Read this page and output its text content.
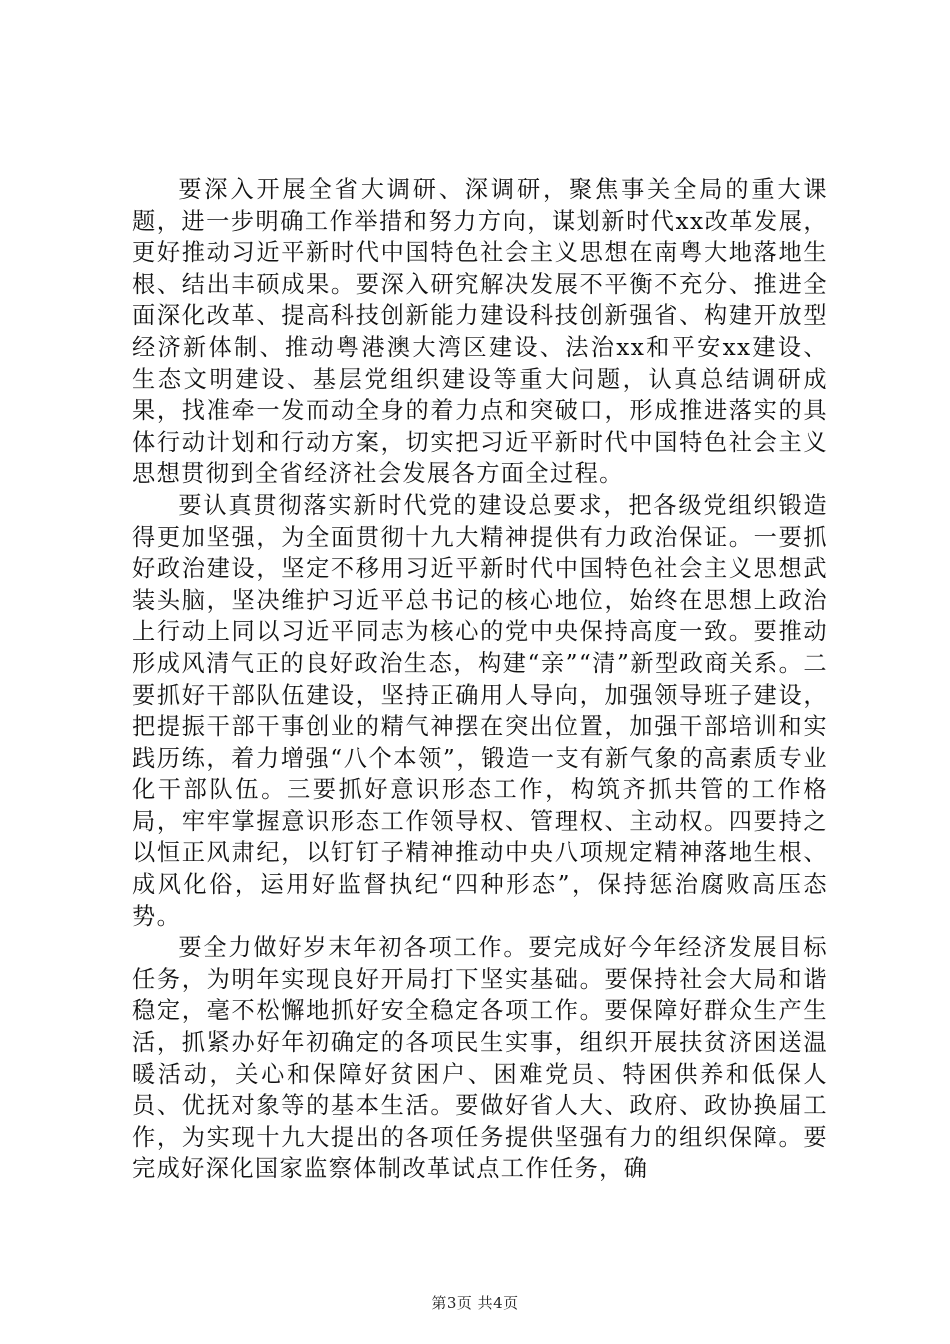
要深入开展全省大调研、深调研，聚焦事关全局的重大课题，进一步明确工作举措和努力方向，谋划新时代xx改革发展，更好推动习近平新时代中国特色社会主义思想在南粤大地落地生根、结出丰硕成果。要深入研究解决发展不平衡不充分、推进全面深化改革、提高科技创新能力建设科技创新强省、构建开放型经济新体制、推动粤港澳大湾区建设、法治xx和平安xx建设、生态文明建设、基层党组织建设等重大问题，认真总结调研成果，找准牵一发而动全身的着力点和突破口，形成推进落实的具体行动计划和行动方案，切实把习近平新时代中国特色社会主义思想贯彻到全省经济社会发展各方面全过程。

要认真贯彻落实新时代党的建设总要求，把各级党组织锻造得更加坚强，为全面贯彻十九大精神提供有力政治保证。一要抓好政治建设，坚定不移用习近平新时代中国特色社会主义思想武装头脑，坚决维护习近平总书记的核心地位，始终在思想上政治上行动上同以习近平同志为核心的党中央保持高度一致。要推动形成风清气正的良好政治生态，构建“亲”“清”新型政商关系。二要抓好干部队伍建设，坚持正确用人导向，加强领导班子建设，把提振干部干事创业的精气神摆在突出位置，加强干部培训和实践历练，着力增强“八个本领”，锻造一支有新气象的高素质专业化干部队伍。三要抓好意识形态工作，构筑齐抓共管的工作格局，牢牢掌握意识形态工作领导权、管理权、主动权。四要持之以恒正风肃纪，以钉钉子精神推动中央八项规定精神落地生根、成风化俗，运用好监督执纪“四种形态”，保持惩治腐败高压态势。

要全力做好岁末年初各项工作。要完成好今年经济发展目标任务，为明年实现良好开局打下坚实基础。要保持社会大局和谐稳定，毫不松懈地抓好安全稳定各项工作。要保障好群众生产生活，抓紧办好年初确定的各项民生实事，组织开展扶贫济困送温暖活动，关心和保障好贫困户、困难党员、特困供养和低保人员、优抚对象等的基本生活。要做好省人大、政府、政协换届工作，为实现十九大提出的各项任务提供坚强有力的组织保障。要完成好深化国家监察体制改革试点工作任务，确

第3页 共4页
